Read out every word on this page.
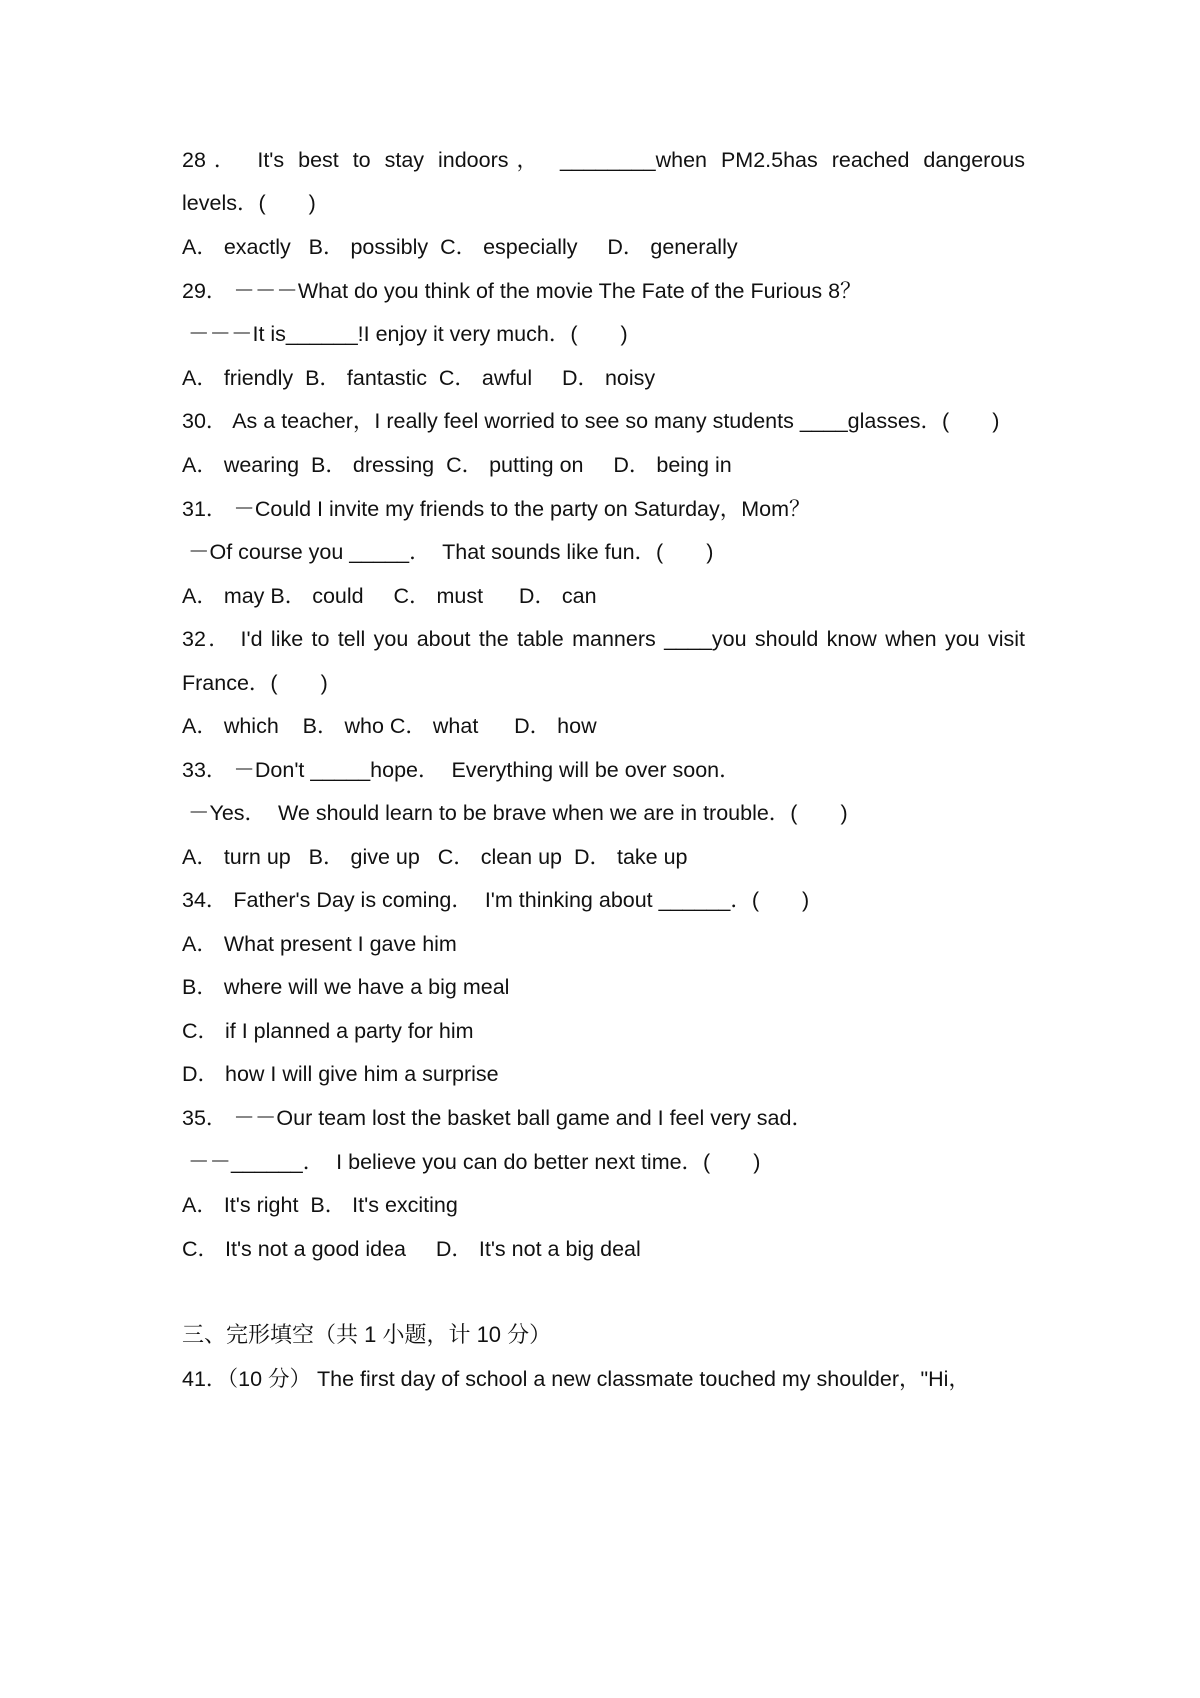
28． It's best to stay indoors， ________when PM2.5has reached dangerous
levels．(　　)
A． exactly   B． possibly  C． especially     D． generally
29． －－－What do you think of the movie The Fate of the Furious 8？
－－－It is______!I enjoy it very much．(　　)
A． friendly  B． fantastic  C． awful     D． noisy
30． As a teacher，I really feel worried to see so many students ____glasses．(　　)
A． wearing  B． dressing  C． putting on     D． being in
31． －Could I invite my friends to the party on Saturday，Mom？
－Of course you _____．  That sounds like fun．(　　)
A． may B． could     C． must      D． can
32． I'd like to tell you about the table manners ____you should know when you visit
France．(　　)
A． which    B． who C． what      D． how
33． －Don't _____hope．  Everything will be over soon．
－Yes．  We should learn to be brave when we are in trouble．(　　)
A． turn up   B． give up   C． clean up  D． take up
34． Father's Day is coming．  I'm thinking about ______．(　　)
A． What present I gave him
B． where will we have a big meal
C． if I planned a party for him
D． how I will give him a surprise
35． －－Our team lost the basket ball game and I feel very sad．
－－______．  I believe you can do better next time．(　　)
A． It's right  B． It's exciting
C． It's not a good idea     D． It's not a big deal
三、完形填空（共 1 小题，计 10 分）
41．（10 分） The first day of school a new classmate touched my shoulder，"Hi，
